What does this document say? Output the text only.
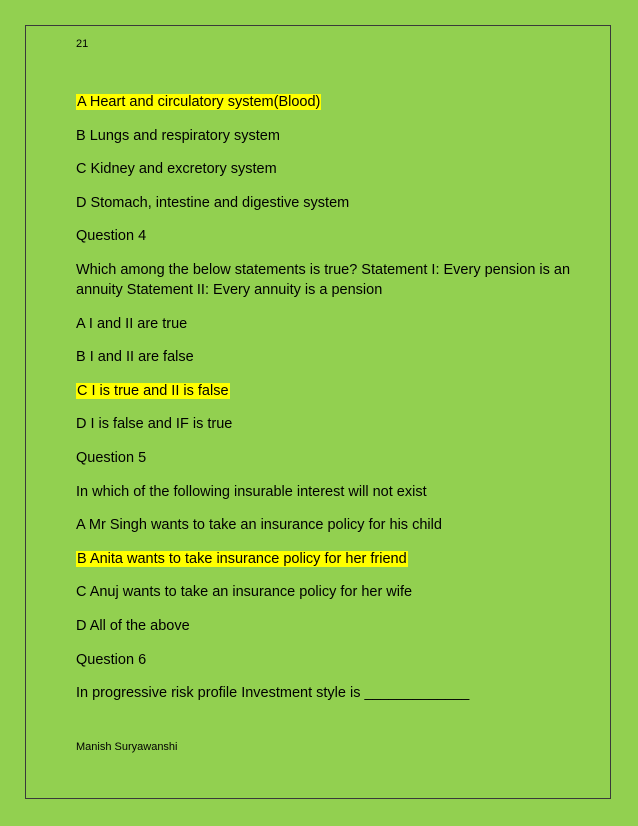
21

A Heart and circulatory system(Blood)

B Lungs and respiratory system

C Kidney and excretory system

D Stomach, intestine and digestive system

Question 4

Which among the below statements is true? Statement I: Every pension is an annuity Statement II: Every annuity is a pension

A I and II are true

B I and II are false

C I is true and II is false

D I is false and IF is true

Question 5

In which of the following insurable interest will not exist

A Mr Singh wants to take an insurance policy for his child

B Anita wants to take insurance policy for her friend

C Anuj wants to take an insurance policy for her wife

D All of the above

Question 6

In progressive risk profile Investment style is _____________

Manish Suryawanshi
